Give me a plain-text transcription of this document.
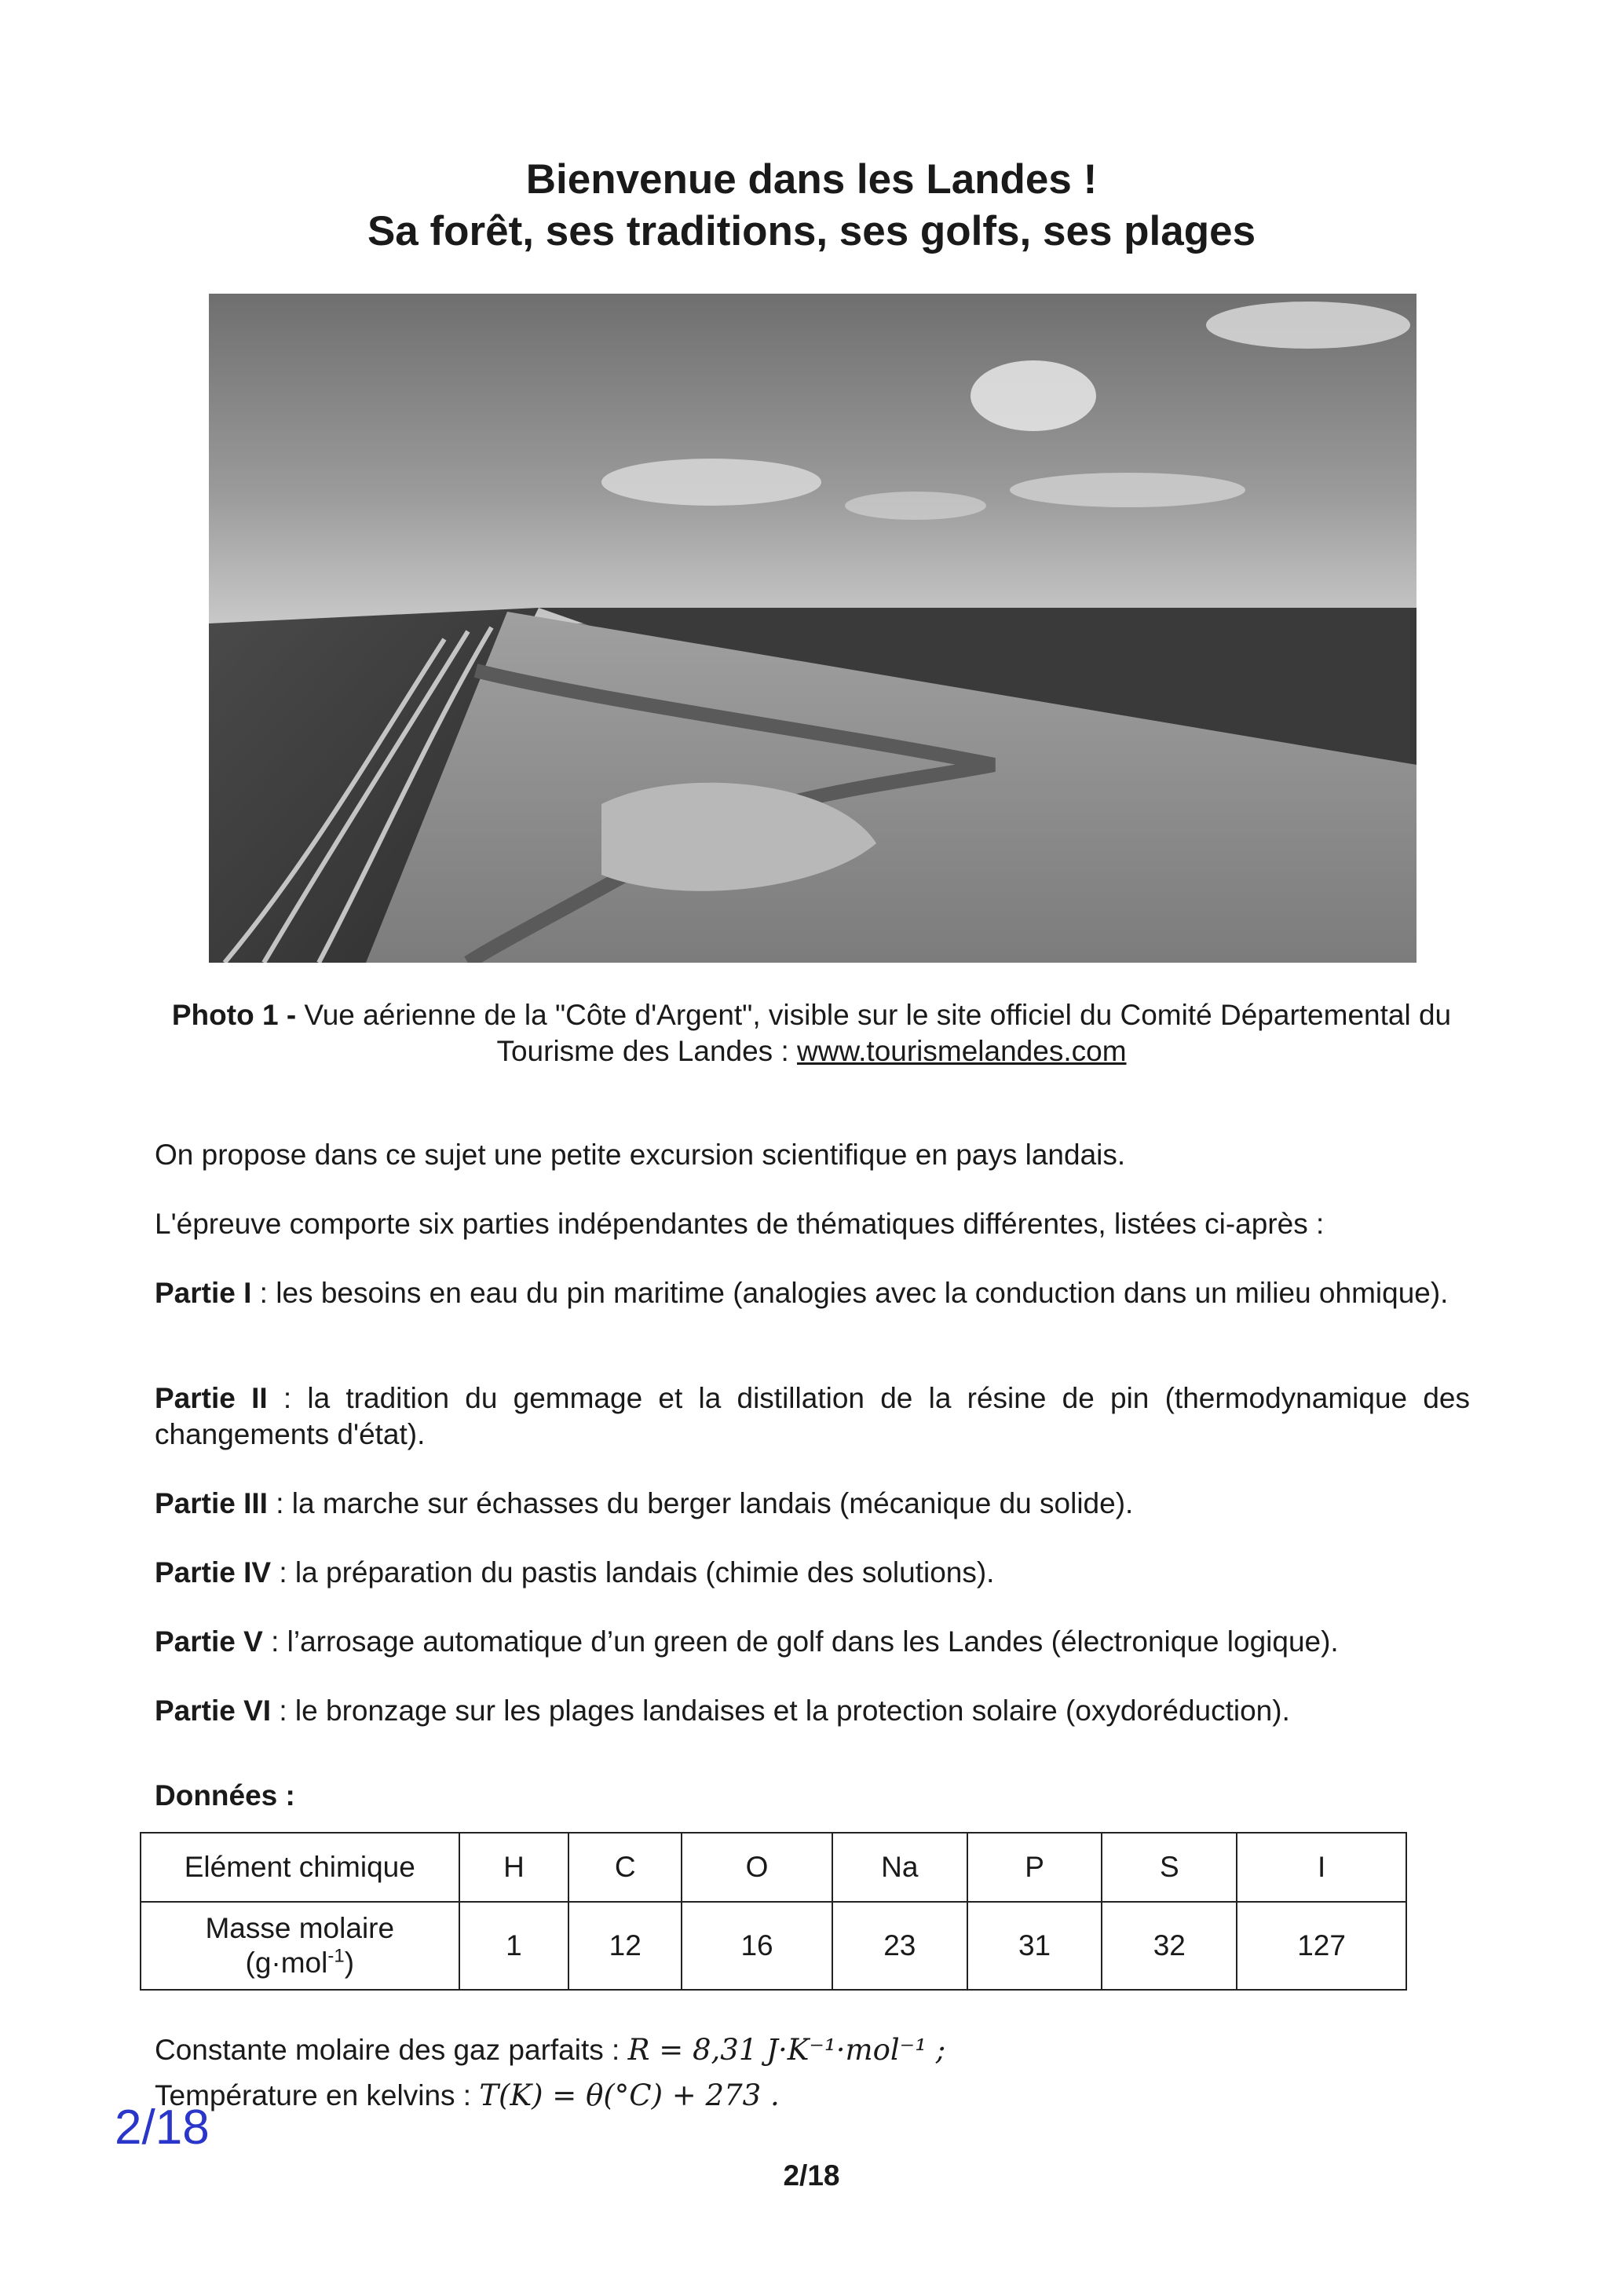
Bienvenue dans les Landes !
Sa forêt, ses traditions, ses golfs, ses plages
Photo 1 - Vue aérienne de la "Côte d'Argent", visible sur le site officiel du Comité Départemental du Tourisme des Landes : www.tourismelandes.com
On propose dans ce sujet une petite excursion scientifique en pays landais.
L'épreuve comporte six parties indépendantes de thématiques différentes, listées ci-après :
Partie I : les besoins en eau du pin maritime (analogies avec la conduction dans un milieu ohmique).
Partie II : la tradition du gemmage et la distillation de la résine de pin (thermodynamique des changements d'état).
Partie III : la marche sur échasses du berger landais (mécanique du solide).
Partie IV : la préparation du pastis landais (chimie des solutions).
Partie V : l’arrosage automatique d’un green de golf dans les Landes (électronique logique).
Partie VI : le bronzage sur les plages landaises et la protection solaire (oxydoréduction).
Données :
Elément chimique	H	C	O	Na	P	S	I
Masse molaire
(g·mol$^{-1}$)	1	12	16	23	31	32	127
Constante molaire des gaz parfaits : R = 8,31 J·K⁻¹·mol⁻¹ ;
Température en kelvins : T(K) = θ(°C) + 273 .
2/18
2/18
